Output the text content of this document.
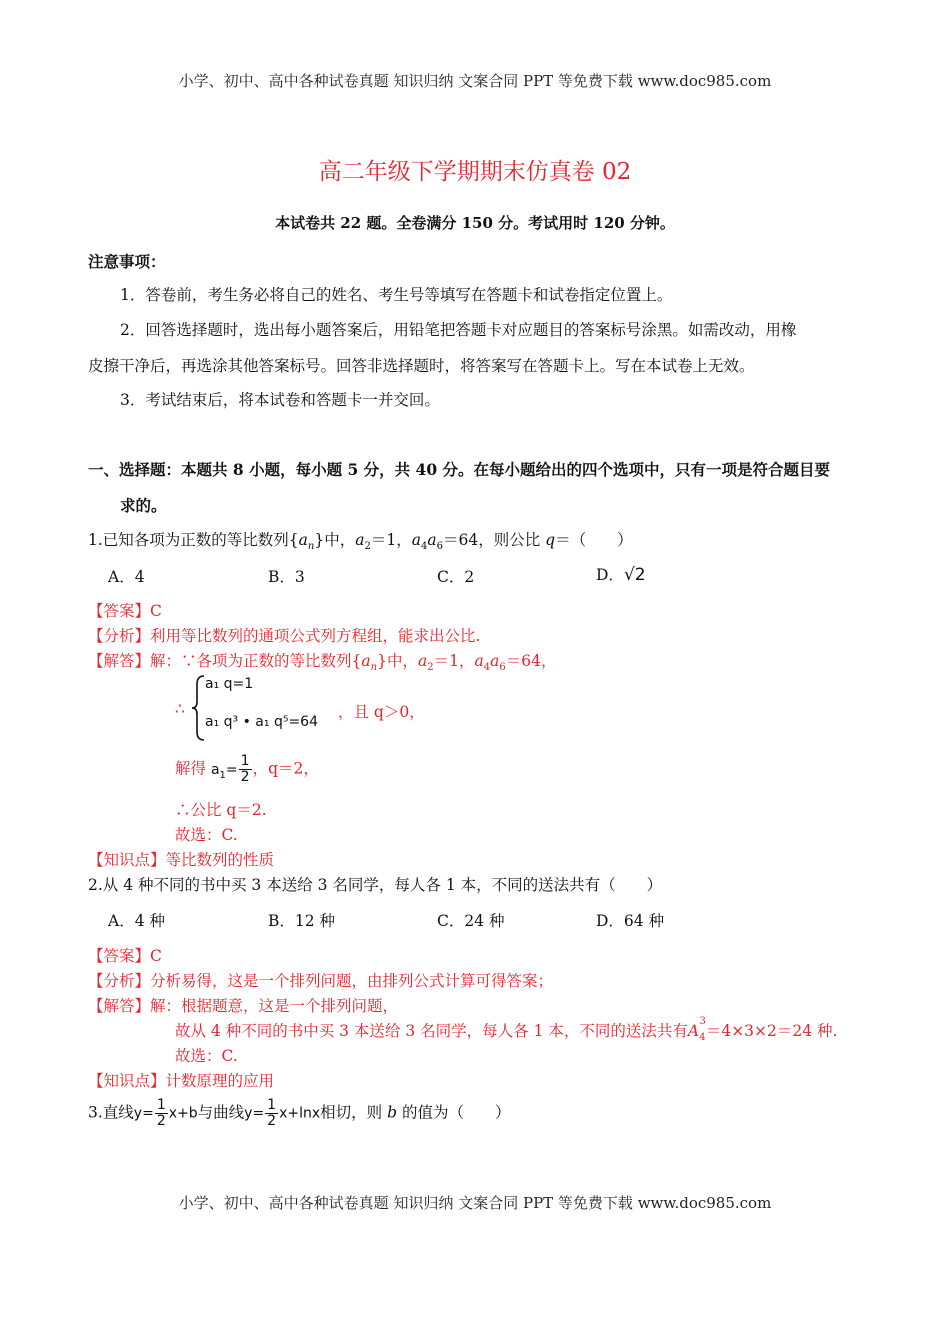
小学、初中、高中各种试卷真题 知识归纳 文案合同 PPT 等免费下载 www.doc985.com
高二年级下学期期末仿真卷 02
本试卷共 22 题。全卷满分 150 分。考试用时 120 分钟。
注意事项：
1．答卷前，考生务必将自己的姓名、考生号等填写在答题卡和试卷指定位置上。
2．回答选择题时，选出每小题答案后，用铅笔把答题卡对应题目的答案标号涂黑。如需改动，用橡
皮擦干净后，再选涂其他答案标号。回答非选择题时，将答案写在答题卡上。写在本试卷上无效。
3．考试结束后，将本试卷和答题卡一并交回。
一、选择题：本题共 8 小题，每小题 5 分，共 40 分。在每小题给出的四个选项中，只有一项是符合题目要
求的。
1.已知各项为正数的等比数列$\{a_n\}$中，$a_2=1$，$a_4a_6=64$，则公比 q＝（　　）
A．4	B．3	C．2	D．√2
【答案】C
【分析】利用等比数列的通项公式列方程组，能求出公比.
【解答】解：∵各项为正数的等比数列$\{a_n\}$中，$a_2=1$，$a_4a_6=64$，
∴
a₁ q=1
a₁ q³ • a₁ q⁵=64
，且 q＞0，
解得 $a_1= \frac{1}{2}$ ，q＝2，
∴公比 q＝2.
故选：C.
【知识点】等比数列的性质
2.从 4 种不同的书中买 3 本送给 3 名同学，每人各 1 本，不同的送法共有（　　）
A．4 种	B．12 种	C．24 种	D．64 种
【答案】C
【分析】分析易得，这是一个排列问题，由排列公式计算可得答案；
【解答】解：根据题意，这是一个排列问题，
故从 4 种不同的书中买 3 本送给 3 名同学，每人各 1 本，不同的送法共有$A_4^3=4\times 3\times 2=24$ 种.
故选：C.
【知识点】计数原理的应用
3.直线$y= \frac{1}{2} x+b$与曲线$y= \frac{1}{2} x+\ln x$相切，则 b 的值为（　　）
小学、初中、高中各种试卷真题 知识归纳 文案合同 PPT 等免费下载 www.doc985.com
